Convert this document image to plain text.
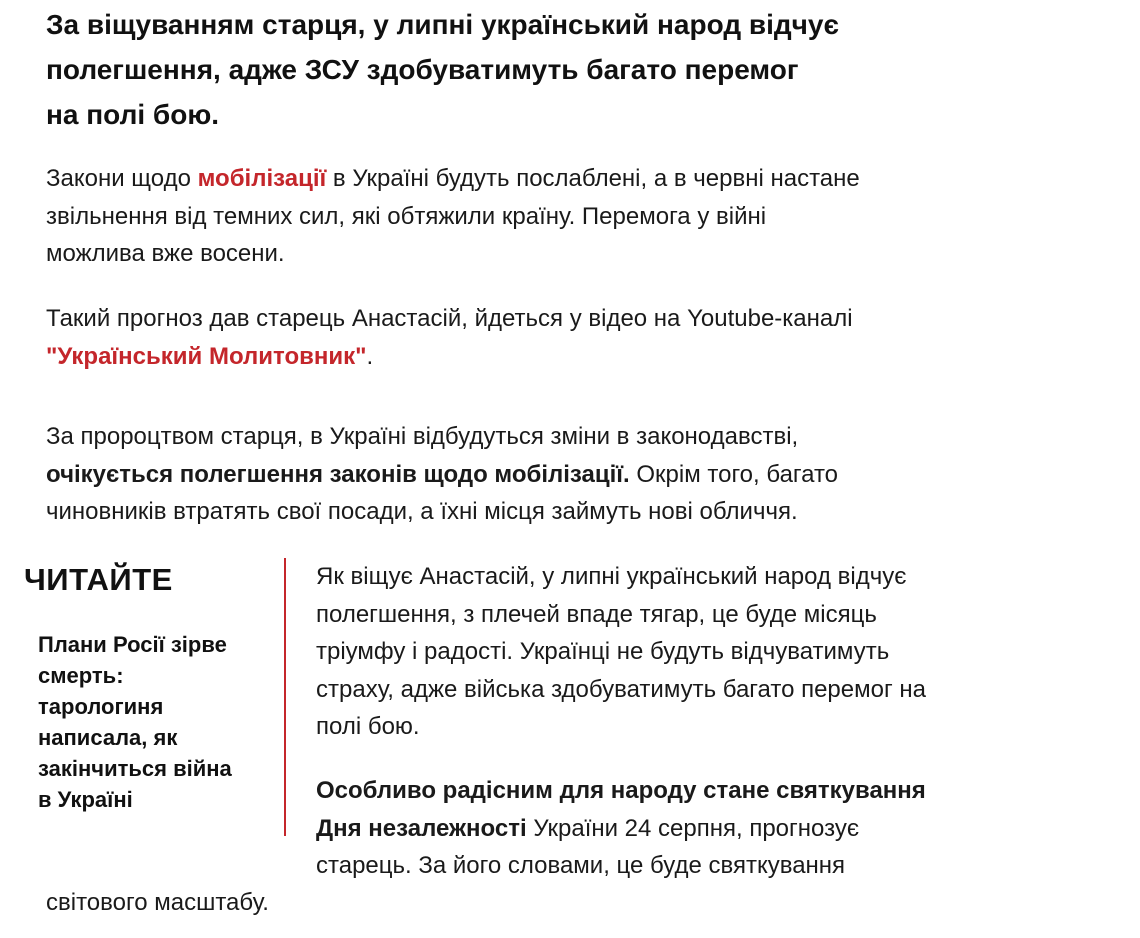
За віщуванням старця, у липні український народ відчує
полегшення, адже ЗСУ здобуватимуть багато перемог
на полі бою.

Закони щодо мобілізації в Україні будуть послаблені, а в червні настане
звільнення від темних сил, які обтяжили країну. Перемога у війні
можлива вже восени.

Такий прогноз дав старець Анастасій, йдеться у відео на Youtube-каналі
"Український Молитовник".

За пророцтвом старця, в Україні відбудуться зміни в законодавстві,
очікується полегшення законів щодо мобілізації. Окрім того, багато
чиновників втратять свої посади, а їхні місця займуть нові обличчя.

ЧИТАЙТЕ
Плани Росії зірве
смерть:
тарологиня
написала, як
закінчиться війна
в Україні

Як віщує Анастасій, у липні український народ відчує
полегшення, з плечей впаде тягар, це буде місяць
тріумфу і радості. Українці не будуть відчуватимуть
страху, адже війська здобуватимуть багато перемог на
полі бою.

Особливо радісним для народу стане святкування
Дня незалежності України 24 серпня, прогнозує
старець. За його словами, це буде святкування

світового масштабу.
